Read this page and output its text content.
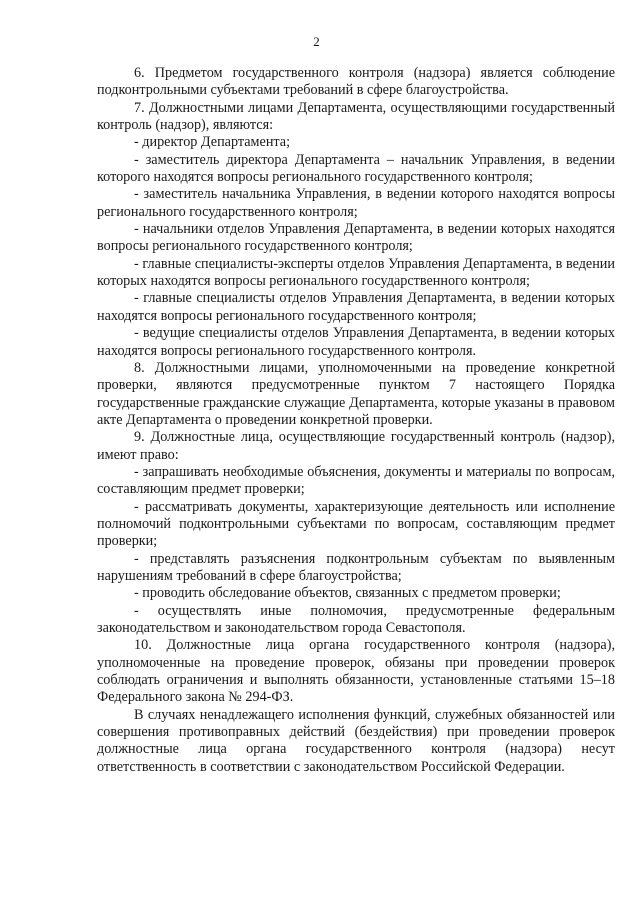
2

6. Предметом государственного контроля (надзора) является соблюдение подконтрольными субъектами требований в сфере благоустройства.

7. Должностными лицами Департамента, осуществляющими государственный контроль (надзор), являются:

- директор Департамента;

- заместитель директора Департамента – начальник Управления, в ведении которого находятся вопросы регионального государственного контроля;

- заместитель начальника Управления, в ведении которого находятся вопросы регионального государственного контроля;

- начальники отделов Управления Департамента, в ведении которых находятся вопросы регионального государственного контроля;

- главные специалисты-эксперты отделов Управления Департамента, в ведении которых находятся вопросы регионального государственного контроля;

- главные специалисты отделов Управления Департамента, в ведении которых находятся вопросы регионального государственного контроля;

- ведущие специалисты отделов Управления Департамента, в ведении которых находятся вопросы регионального государственного контроля.

8. Должностными лицами, уполномоченными на проведение конкретной проверки, являются предусмотренные пунктом 7 настоящего Порядка государственные гражданские служащие Департамента, которые указаны в правовом акте Департамента о проведении конкретной проверки.

9. Должностные лица, осуществляющие государственный контроль (надзор), имеют право:

- запрашивать необходимые объяснения, документы и материалы по вопросам, составляющим предмет проверки;

- рассматривать документы, характеризующие деятельность или исполнение полномочий подконтрольными субъектами по вопросам, составляющим предмет проверки;

- представлять разъяснения подконтрольным субъектам по выявленным нарушениям требований в сфере благоустройства;

- проводить обследование объектов, связанных с предметом проверки;

- осуществлять иные полномочия, предусмотренные федеральным законодательством и законодательством города Севастополя.

10. Должностные лица органа государственного контроля (надзора), уполномоченные на проведение проверок, обязаны при проведении проверок соблюдать ограничения и выполнять обязанности, установленные статьями 15–18 Федерального закона № 294-ФЗ.

В случаях ненадлежащего исполнения функций, служебных обязанностей или совершения противоправных действий (бездействия) при проведении проверок должностные лица органа государственного контроля (надзора) несут ответственность в соответствии с законодательством Российской Федерации.
